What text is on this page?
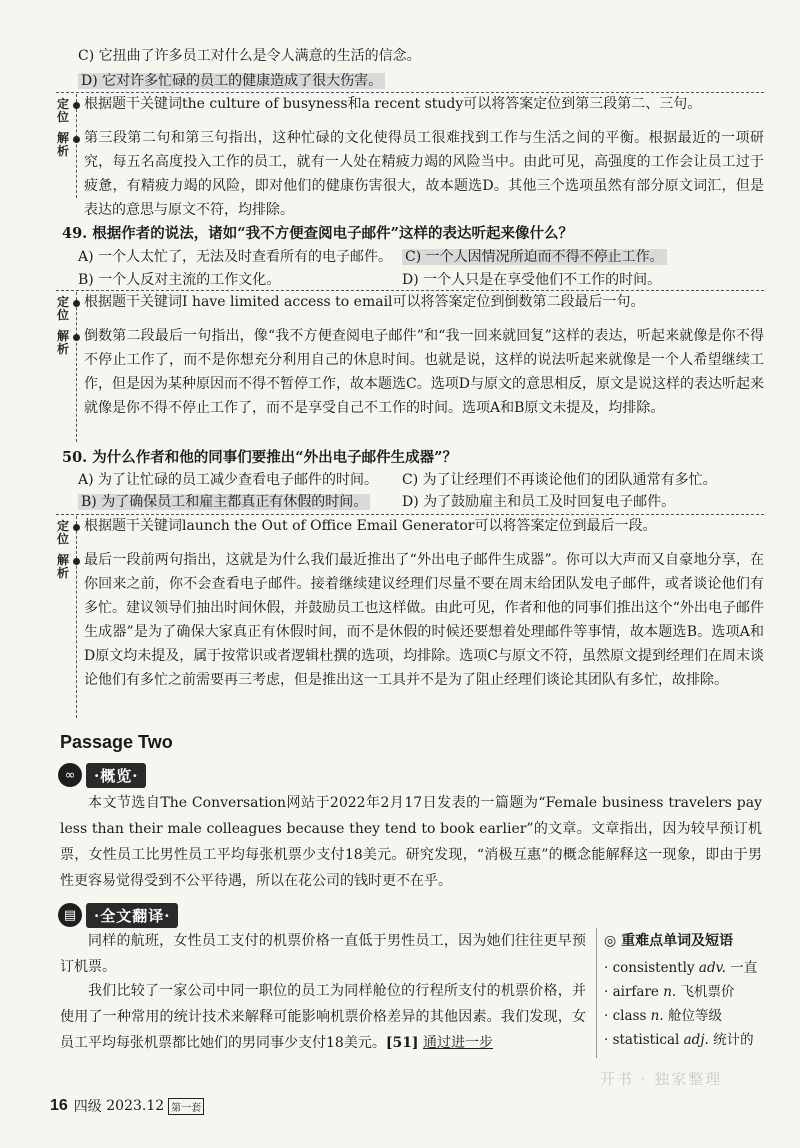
C) 它扭曲了许多员工对什么是令人满意的生活的信念。
D) 它对许多忙碌的员工的健康造成了很大伤害。
定位
根据题干关键词the culture of busyness和a recent study可以将答案定位到第三段第二、三句。
解析
第三段第二句和第三句指出，这种忙碌的文化使得员工很难找到工作与生活之间的平衡。根据最近的一项研究，每五名高度投入工作的员工，就有一人处在精疲力竭的风险当中。由此可见，高强度的工作会让员工过于疲惫，有精疲力竭的风险，即对他们的健康伤害很大，故本题选D。其他三个选项虽然有部分原文词汇，但是表达的意思与原文不符，均排除。
49. 根据作者的说法，诸如“我不方便查阅电子邮件”这样的表达听起来像什么？
A) 一个人太忙了，无法及时查看所有的电子邮件。 C) 一个人因情况所迫而不得不停止工作。
B) 一个人反对主流的工作文化。	D) 一个人只是在享受他们不工作的时间。
定位
根据题干关键词I have limited access to email可以将答案定位到倒数第二段最后一句。
解析
倒数第二段最后一句指出，像“我不方便查阅电子邮件”和“我一回来就回复”这样的表达，听起来就像是你不得不停止工作了，而不是你想充分利用自己的休息时间。也就是说，这样的说法听起来就像是一个人希望继续工作，但是因为某种原因而不得不暂停工作，故本题选C。选项D与原文的意思相反，原文是说这样的表达听起来就像是你不得不停止工作了，而不是享受自己不工作的时间。选项A和B原文未提及，均排除。
50. 为什么作者和他的同事们要推出“外出电子邮件生成器”？
A) 为了让忙碌的员工减少查看电子邮件的时间。 C) 为了让经理们不再谈论他们的团队通常有多忙。
B) 为了确保员工和雇主都真正有休假的时间。 D) 为了鼓励雇主和员工及时回复电子邮件。
定位
根据题干关键词launch the Out of Office Email Generator可以将答案定位到最后一段。
解析
最后一段前两句指出，这就是为什么我们最近推出了“外出电子邮件生成器”。你可以大声而又自豪地分享，在你回来之前，你不会查看电子邮件。接着继续建议经理们尽量不要在周末给团队发电子邮件，或者谈论他们有多忙。建议领导们抽出时间休假，并鼓励员工也这样做。由此可见，作者和他的同事们推出这个“外出电子邮件生成器”是为了确保大家真正有休假时间，而不是休假的时候还要想着处理邮件等事情，故本题选B。选项A和D原文均未提及，属于按常识或者逻辑杜撰的选项，均排除。选项C与原文不符，虽然原文提到经理们在周末谈论他们有多忙之前需要再三考虑，但是推出这一工具并不是为了阻止经理们谈论其团队有多忙，故排除。
Passage Two
∞	·概览·
本文节选自The Conversation网站于2022年2月17日发表的一篇题为“Female business travelers pay less than their male colleagues because they tend to book earlier”的文章。文章指出，因为较早预订机票，女性员工比男性员工平均每张机票少支付18美元。研究发现，“消极互惠”的概念能解释这一现象，即由于男性更容易觉得受到不公平待遇，所以在花公司的钱时更不在乎。
▤	·全文翻译·
同样的航班，女性员工支付的机票价格一直低于男性员工，因为她们往往更早预订机票。
我们比较了一家公司中同一职位的员工为同样舱位的行程所支付的机票价格，并使用了一种常用的统计技术来解释可能影响机票价格差异的其他因素。我们发现，女员工平均每张机票都比她们的男同事少支付18美元。[51] 通过进一步
◎ 重难点单词及短语
· consistently adv. 一直
· airfare n. 飞机票价
· class n. 舱位等级
· statistical adj. 统计的
开书 · 独家整理
16 四级
2023.12 第一套
